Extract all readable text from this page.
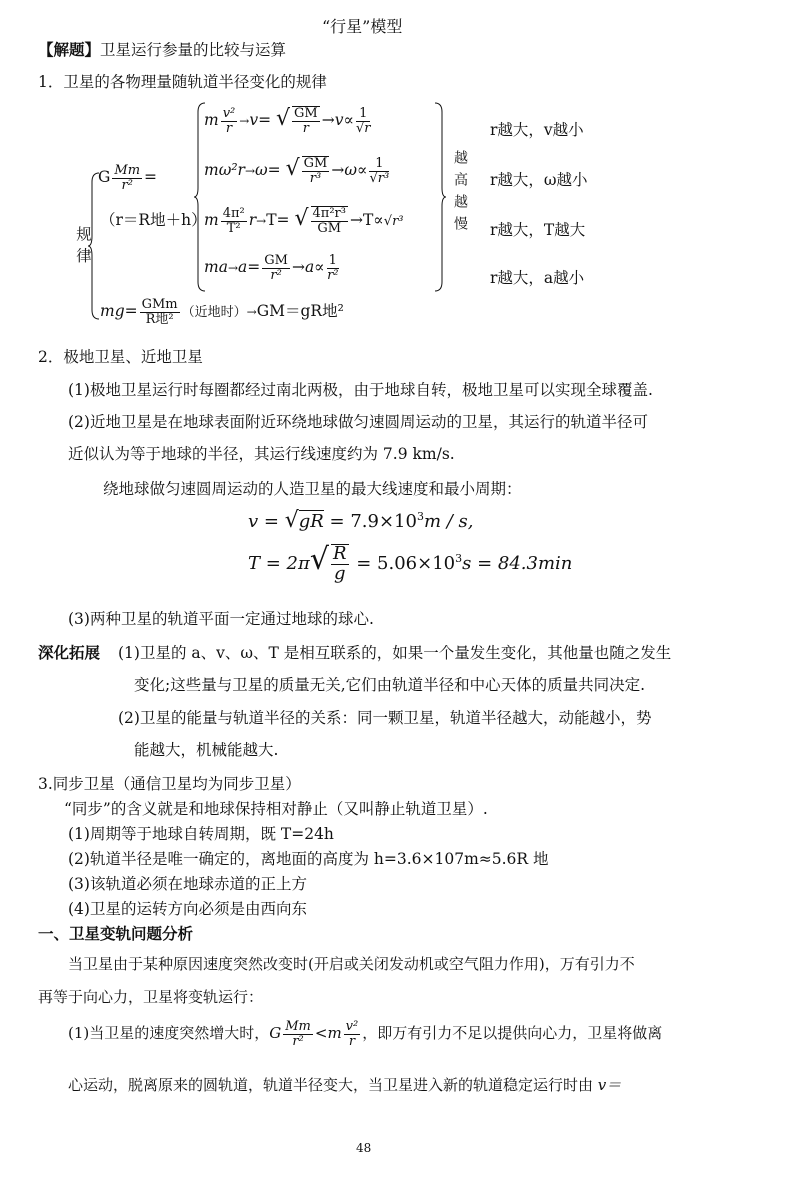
“行星”模型
【解题】卫星运行参量的比较与运算
1．卫星的各物理量随轨道半径变化的规律
规律
G $\frac{Mm}{\text{r²}}$ =
（r＝R地＋h）
m $\frac{\text{v²}}{r} \to v=$ √ $\frac{GM}{r} \to v\propto \frac{1}{√r}$
mω²r→ω= √ $\frac{GM}{\text{r³}} \to\omega\propto \frac{1}{\text{√r³}}$
m $\frac{\text{4π²}}{\text{T²}} r\to T=$ √ $\frac{\text{4π²r³}}{GM} \to T\propto√r^3$
$ma\to a= \frac{GM}{\text{r²}} \to a\propto \frac{1}{\text{r²}}$
越高越慢
r越大，v越小
r越大，ω越小
r越大，T越大
r越大，a越小
$mg= \frac{\text{GMm}}{\text{R地²}}$ （近地时）→GM＝gR地²
2．极地卫星、近地卫星
(1)极地卫星运行时每圈都经过南北两极，由于地球自转，极地卫星可以实现全球覆盖.
(2)近地卫星是在地球表面附近环绕地球做匀速圆周运动的卫星，其运行的轨道半径可
近似认为等于地球的半径，其运行线速度约为 7.9 km/s.
绕地球做匀速圆周运动的人造卫星的最大线速度和最小周期：
$v = √gR = 7.9\times 10^3m / s$,
$T = 2\pi√ \frac{R}{g} = 5.06\times 10^3s = 84.3\min$
(3)两种卫星的轨道平面一定通过地球的球心.
深化拓展 (1)卫星的 a、v、ω、T 是相互联系的，如果一个量发生变化，其他量也随之发生
变化;这些量与卫星的质量无关,它们由轨道半径和中心天体的质量共同决定.
(2)卫星的能量与轨道半径的关系：同一颗卫星，轨道半径越大，动能越小，势
能越大，机械能越大.
3.同步卫星（通信卫星均为同步卫星）
“同步”的含义就是和地球保持相对静止（又叫静止轨道卫星）.
(1)周期等于地球自转周期，既 T=24h
(2)轨道半径是唯一确定的，离地面的高度为 h=3.6×107m≈5.6R 地
(3)该轨道必须在地球赤道的正上方
(4)卫星的运转方向必须是由西向东
一、卫星变轨问题分析
当卫星由于某种原因速度突然改变时(开启或关闭发动机或空气阻力作用)，万有引力不
再等于向心力，卫星将变轨运行：
(1)当卫星的速度突然增大时，G $\frac{Mm}{\text{r²}} <m \frac{\text{v²}}{r}$ ，即万有引力不足以提供向心力，卫星将做离
心运动，脱离原来的圆轨道，轨道半径变大，当卫星进入新的轨道稳定运行时由 v＝
48
